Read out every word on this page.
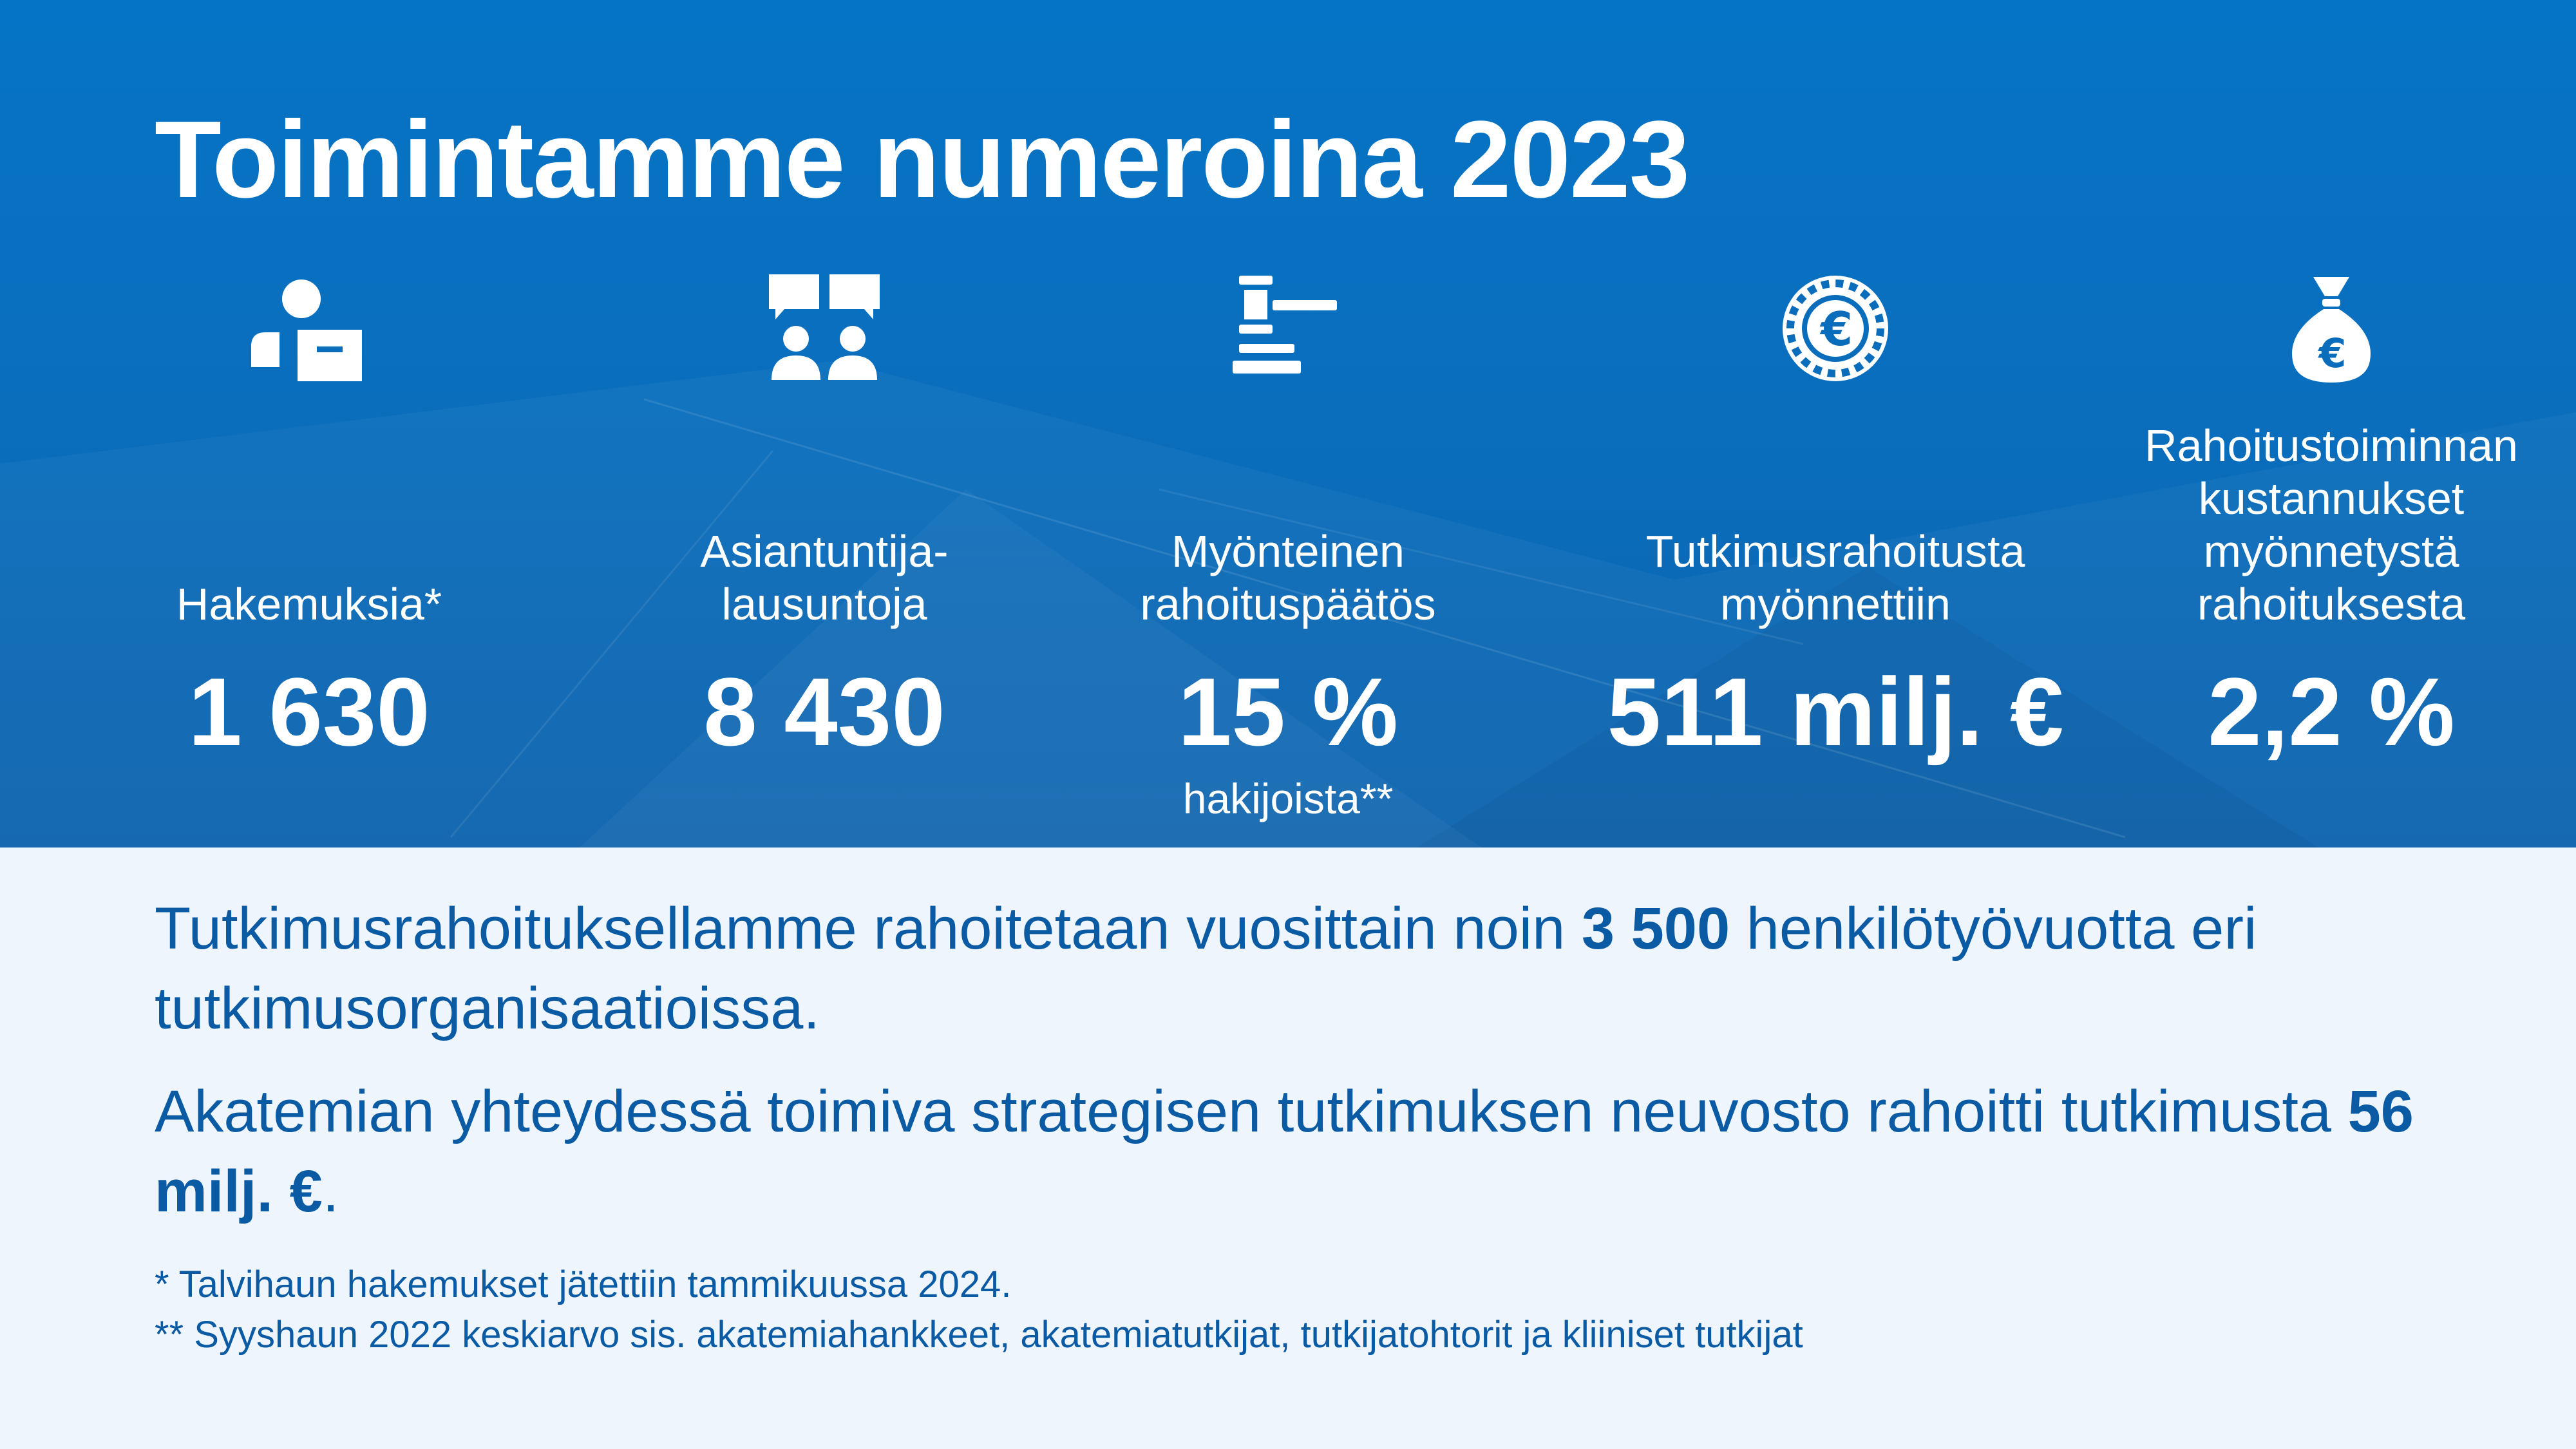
Toimintamme numeroina 2023
Hakemuksia*
1 630
Asiantuntija-
lausuntoja
8 430
Myönteinen
rahoituspäätös
15 %
hakijoista**
€
Tutkimusrahoitusta
myönnettiin
511 milj. €
€
Rahoitustoiminnan
kustannukset
myönnetystä
rahoituksesta
2,2 %

Tutkimusrahoituksellamme rahoitetaan vuosittain noin 3 500 henkilötyövuotta eri tutkimusorganisaatioissa.

Akatemian yhteydessä toimiva strategisen tutkimuksen neuvosto rahoitti tutkimusta 56 milj. €.

* Talvihaun hakemukset jätettiin tammikuussa 2024.
** Syyshaun 2022 keskiarvo sis. akatemiahankkeet, akatemiatutkijat, tutkijatohtorit ja kliiniset tutkijat
